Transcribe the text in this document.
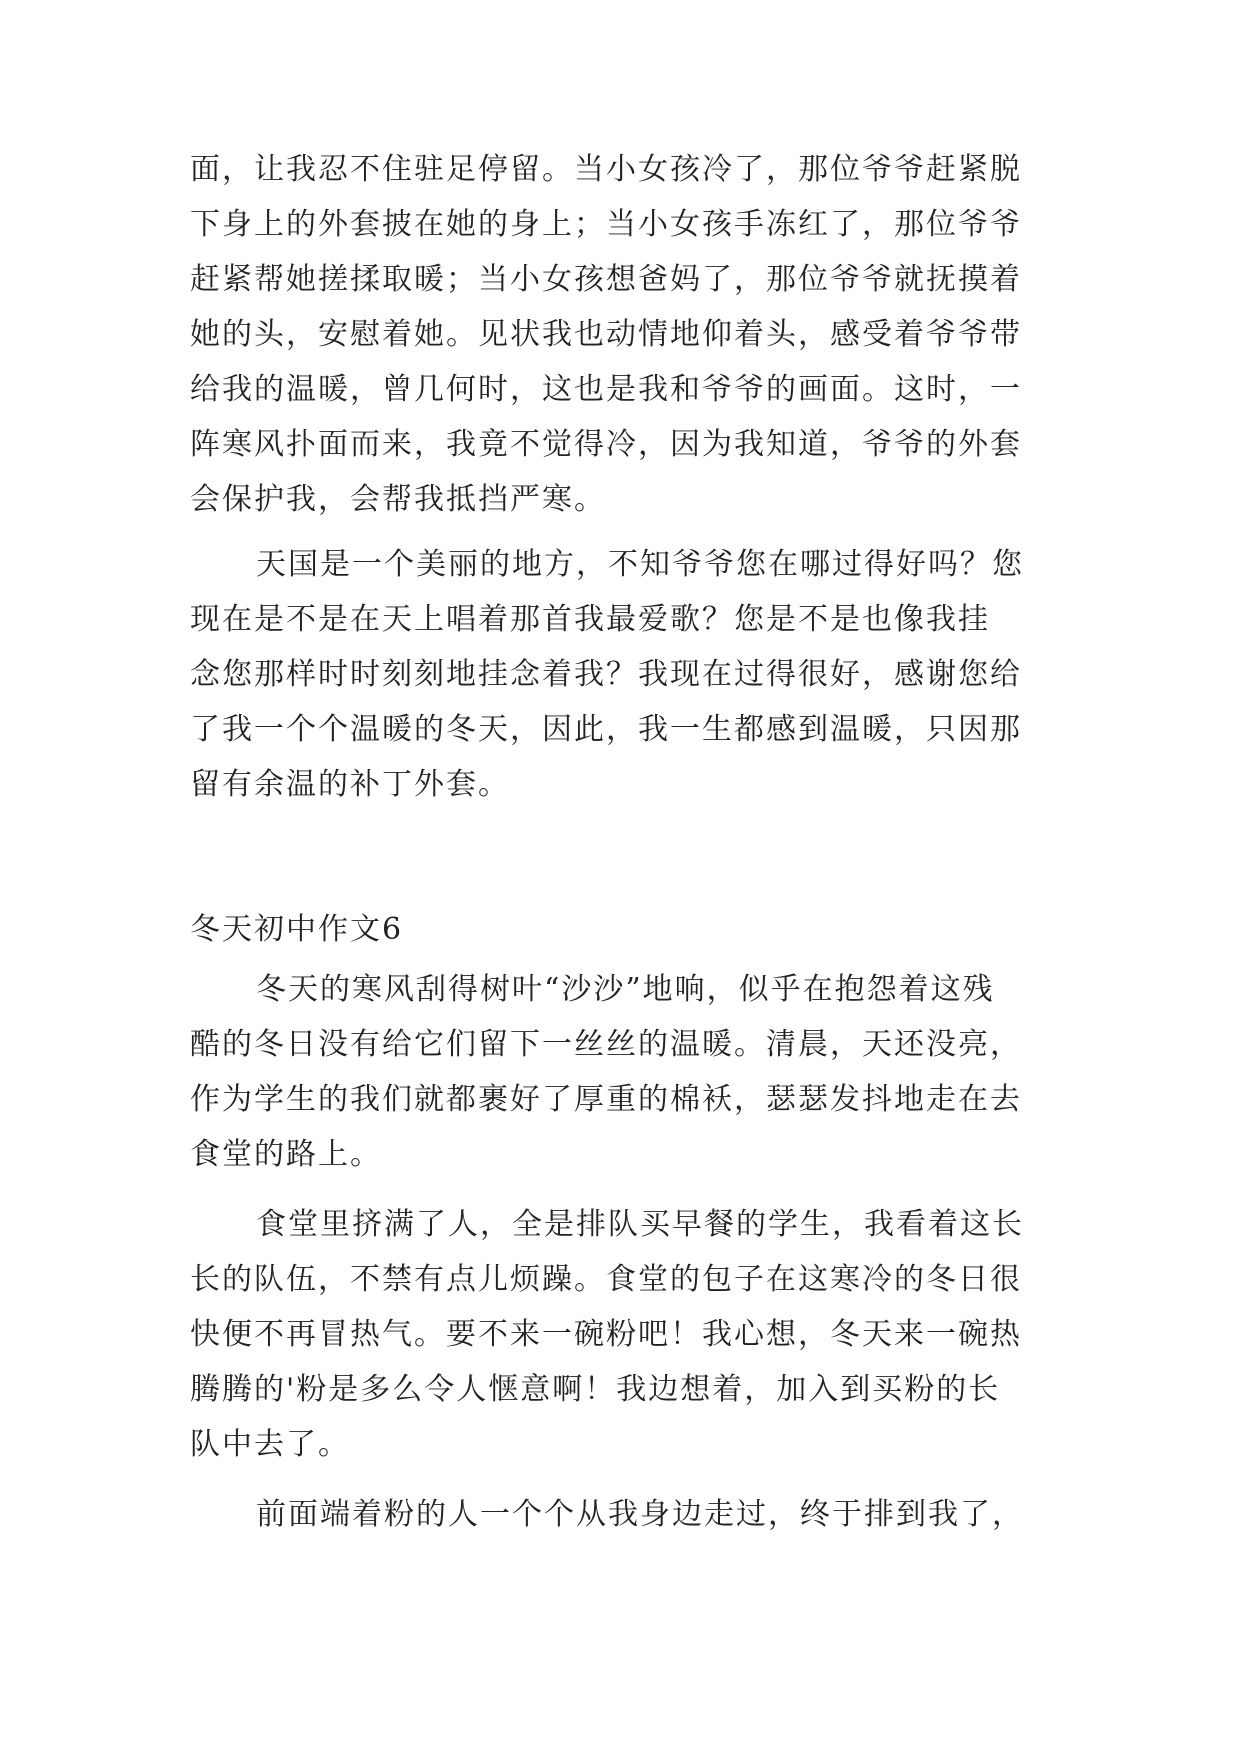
面，让我忍不住驻足停留。当小女孩冷了，那位爷爷赶紧脱
下身上的外套披在她的身上；当小女孩手冻红了，那位爷爷
赶紧帮她搓揉取暖；当小女孩想爸妈了，那位爷爷就抚摸着
她的头，安慰着她。见状我也动情地仰着头，感受着爷爷带
给我的温暖，曾几何时，这也是我和爷爷的画面。这时，一
阵寒风扑面而来，我竟不觉得冷，因为我知道，爷爷的外套
会保护我，会帮我抵挡严寒。
天国是一个美丽的地方，不知爷爷您在哪过得好吗？您
现在是不是在天上唱着那首我最爱歌？您是不是也像我挂
念您那样时时刻刻地挂念着我？我现在过得很好，感谢您给
了我一个个温暖的冬天，因此，我一生都感到温暖，只因那
留有余温的补丁外套。
冬天初中作文6
冬天的寒风刮得树叶“沙沙”地响，似乎在抱怨着这残
酷的冬日没有给它们留下一丝丝的温暖。清晨，天还没亮，
作为学生的我们就都裹好了厚重的棉袄，瑟瑟发抖地走在去
食堂的路上。
食堂里挤满了人，全是排队买早餐的学生，我看着这长
长的队伍，不禁有点儿烦躁。食堂的包子在这寒冷的冬日很
快便不再冒热气。要不来一碗粉吧！我心想，冬天来一碗热
腾腾的'粉是多么令人惬意啊！我边想着，加入到买粉的长
队中去了。
前面端着粉的人一个个从我身边走过，终于排到我了，
